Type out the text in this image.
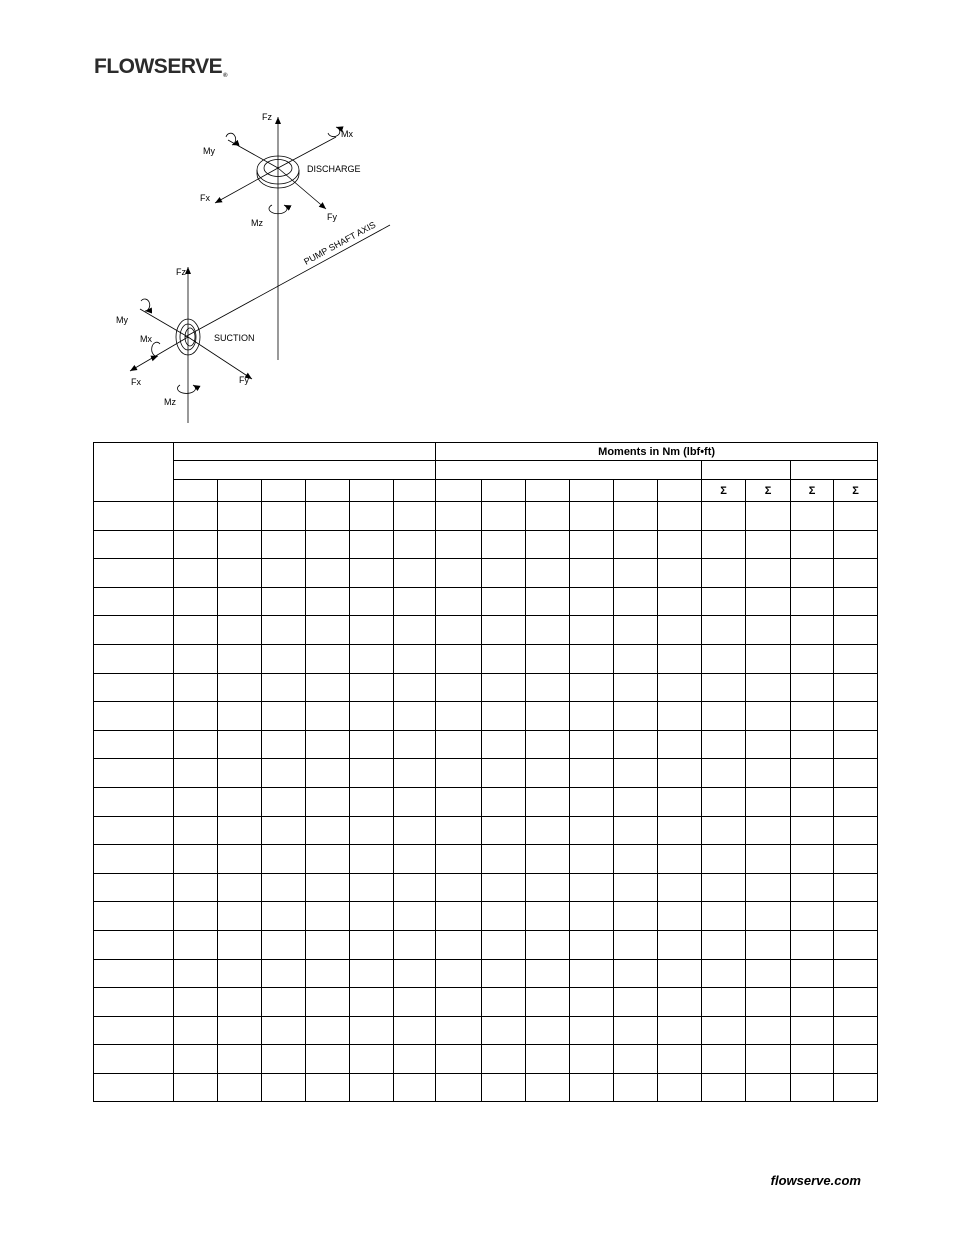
FLOWSERVE®
Fz
Mx
My
DISCHARGE
Fx
Fy
Mz	PUMP SHAFT AXIS
Fz
My
Mx	SUCTION
Fx	Fy
Mz
							Moments in Nm (lbf•ft)									

													Σ	Σ	Σ	Σ

flowserve.com
